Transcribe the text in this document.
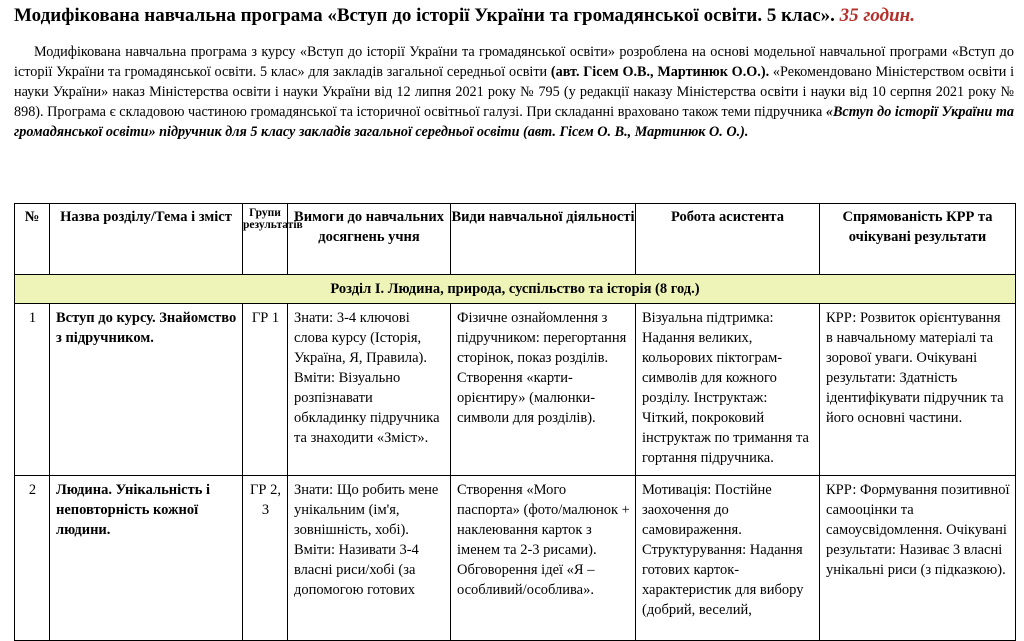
Модифікована навчальна програма «Вступ до історії України та громадянської освіти. 5 клас». 35 годин.
Модифікована навчальна програма з курсу «Вступ до історії України та громадянської освіти» розроблена на основі модельної навчальної програми «Вступ до історії України та громадянської освіти. 5 клас» для закладів загальної середньої освіти (авт. Гісем О.В., Мартинюк О.О.). «Рекомендовано Міністерством освіти і науки України» наказ Міністерства освіти і науки України від 12 липня 2021 року № 795 (у редакції наказу Міністерства освіти і науки від 10 серпня 2021 року № 898). Програма є складовою частиною громадянської та історичної освітньої галузі. При складанні враховано також теми підручника «Вступ до історії України та громадянської освіти» підручник для 5 класу закладів загальної середньої освіти (авт. Гісем О. В., Мартинюк О. О.).
№	Назва розділу/Тема і зміст	Групи результатів	Вимоги до навчальних досягнень учня	Види навчальної діяльності	Робота асистента	Спрямованість КРР та очікувані результати
Розділ І. Людина, природа, суспільство та історія (8 год.)						
1	Вступ до курсу. Знайомство з підручником.	ГР 1	Знати: 3-4 ключові слова курсу (Історія, Україна, Я, Правила). Вміти: Візуально розпізнавати обкладинку підручника та знаходити «Зміст».	Фізичне ознайомлення з підручником: перегортання сторінок, показ розділів. Створення «карти-орієнтиру» (малюнки-символи для розділів).	Візуальна підтримка: Надання великих, кольорових піктограм-символів для кожного розділу. Інструктаж: Чіткий, покроковий інструктаж по тримання та гортання підручника.	КРР: Розвиток орієнтування в навчальному матеріалі та зорової уваги. Очікувані результати: Здатність ідентифікувати підручник та його основні частини.
2	Людина. Унікальність і неповторність кожної людини.	ГР 2, 3	Знати: Що робить мене унікальним (ім'я, зовнішність, хобі). Вміти: Називати 3-4 власні риси/хобі (за допомогою готових	Створення «Мого паспорта» (фото/малюнок + наклеювання карток з іменем та 2-3 рисами). Обговорення ідеї «Я – особливий/особлива».	Мотивація: Постійне заохочення до самовираження. Структурування: Надання готових карток-характеристик для вибору (добрий, веселий,	КРР: Формування позитивної самооцінки та самоусвідомлення. Очікувані результати: Називає 3 власні унікальні риси (з підказкою).
